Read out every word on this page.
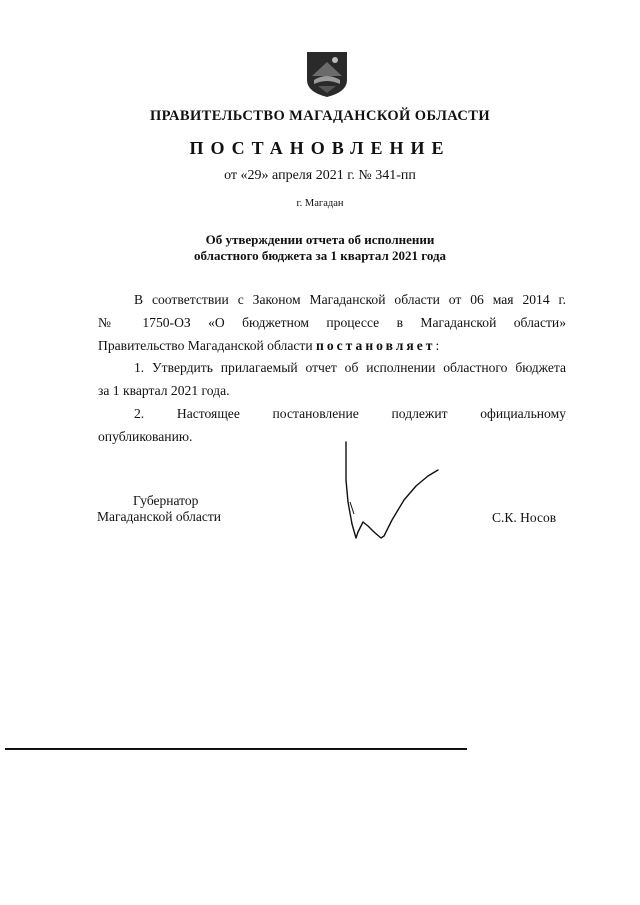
ПРАВИТЕЛЬСТВО МАГАДАНСКОЙ ОБЛАСТИ
ПОСТАНОВЛЕНИЕ
от «29» апреля 2021 г. № 341-пп
г. Магадан
Об утверждении отчета об исполнении
областного бюджета за 1 квартал 2021 года
В соответствии с Законом Магаданской области от 06 мая 2014 г.
№ 1750-ОЗ «О бюджетном процессе в Магаданской области»
Правительство Магаданской области постановляет:
1. Утвердить прилагаемый отчет об исполнении областного бюджета
за 1 квартал 2021 года.
2. Настоящее постановление подлежит официальному
опубликованию.
Губернатор
Магаданской области	С.К. Носов
